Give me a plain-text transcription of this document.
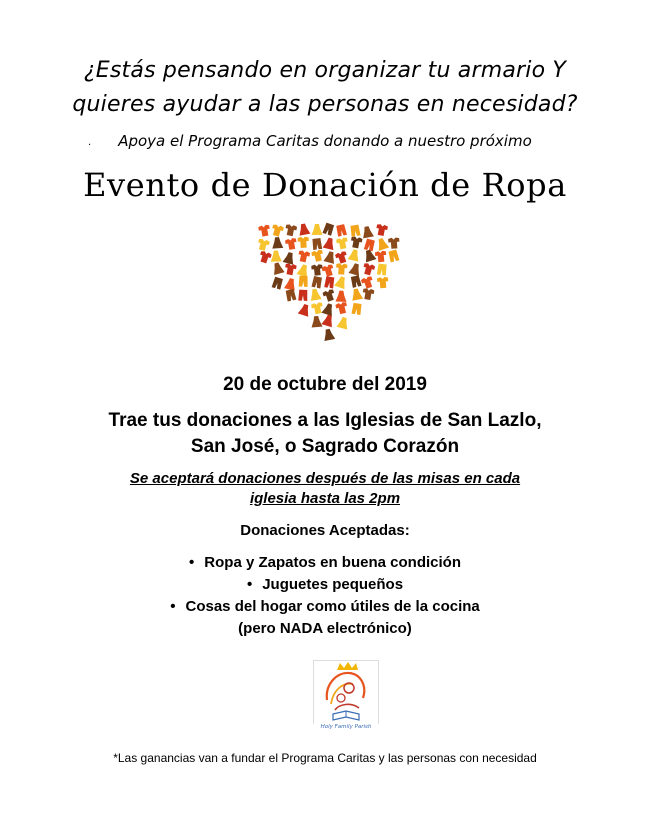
¿Estás pensando en organizar tu armario Y
quieres ayudar a las personas en necesidad?
·	Apoya el Programa Caritas donando a nuestro próximo
Evento de Donación de Ropa
20 de octubre del 2019
Trae tus donaciones a las Iglesias de San Lazlo,
San José, o Sagrado Corazón
Se aceptará donaciones después de las misas en cada
iglesia hasta las 2pm
Donaciones Aceptadas:
• Ropa y Zapatos en buena condición
• Juguetes pequeños
• Cosas del hogar como útiles de la cocina
(pero NADA electrónico)
Holy Family Parish
*Las ganancias van a fundar el Programa Caritas y las personas con necesidad
